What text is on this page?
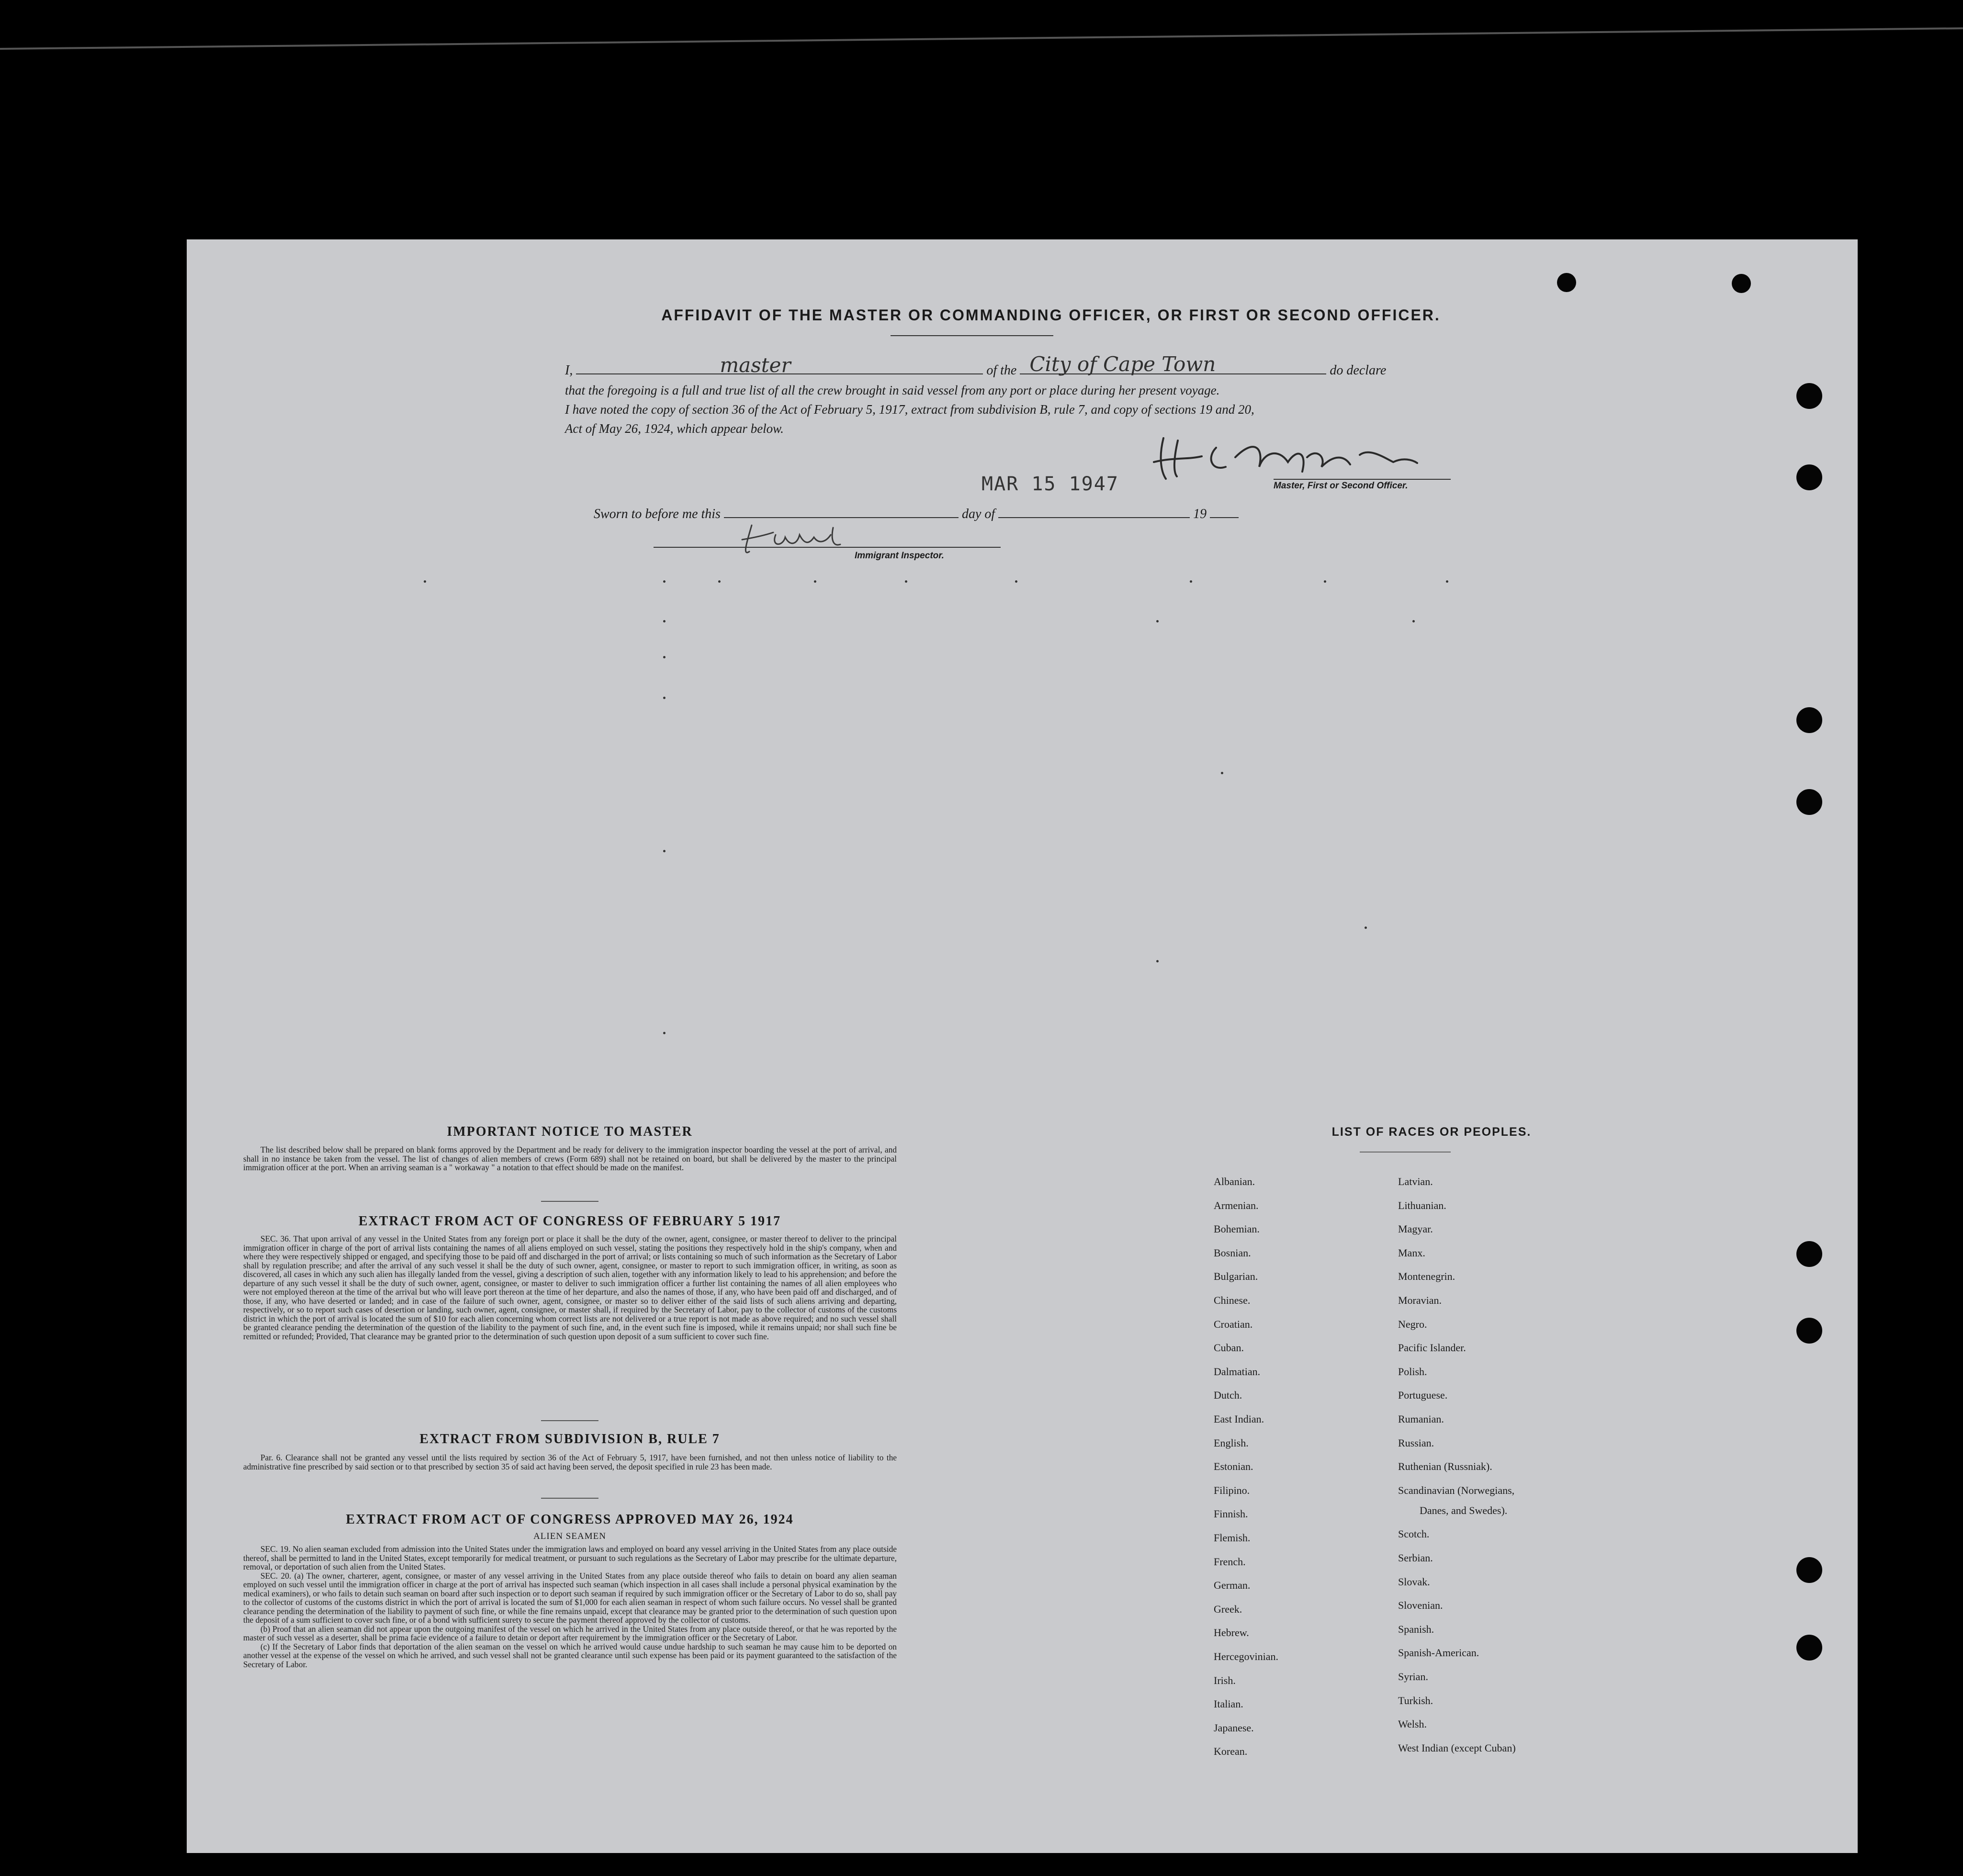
AFFIDAVIT OF THE MASTER OR COMMANDING OFFICER, OR FIRST OR SECOND OFFICER.
I,	master	of the City of Cape Town	do declare
that the foregoing is a full and true list of all the crew brought in said vessel from any port or place during her present voyage.
I have noted the copy of section 36 of the Act of February 5, 1917, extract from subdivision B, rule 7, and copy of sections 19 and 20,
Act of May 26, 1924, which appear below.
MAR 15 1947	Master, First or Second Officer.
Sworn to before me this	day of	19
Immigrant Inspector.
IMPORTANT NOTICE TO MASTER

The list described below shall be prepared on blank forms approved by the Department and be ready for delivery to the immigration inspector boarding the vessel at the port of arrival, and shall in no instance be taken from the vessel. The list of changes of alien members of crews (Form 689) shall not be retained on board, but shall be delivered by the master to the principal immigration officer at the port. When an arriving seaman is a " workaway " a notation to that effect should be made on the manifest.

EXTRACT FROM ACT OF CONGRESS OF FEBRUARY 5 1917

SEC. 36. That upon arrival of any vessel in the United States from any foreign port or place it shall be the duty of the owner, agent, consignee, or master thereof to deliver to the principal immigration officer in charge of the port of arrival lists containing the names of all aliens employed on such vessel, stating the positions they respectively hold in the ship's company, when and where they were respectively shipped or engaged, and specifying those to be paid off and discharged in the port of arrival; or lists containing so much of such information as the Secretary of Labor shall by regulation prescribe; and after the arrival of any such vessel it shall be the duty of such owner, agent, consignee, or master to report to such immigration officer, in writing, as soon as discovered, all cases in which any such alien has illegally landed from the vessel, giving a description of such alien, together with any information likely to lead to his apprehension; and before the departure of any such vessel it shall be the duty of such owner, agent, consignee, or master to deliver to such immigration officer a further list containing the names of all alien employees who were not employed thereon at the time of the arrival but who will leave port thereon at the time of her departure, and also the names of those, if any, who have been paid off and discharged, and of those, if any, who have deserted or landed; and in case of the failure of such owner, agent, consignee, or master so to deliver either of the said lists of such aliens arriving and departing, respectively, or so to report such cases of desertion or landing, such owner, agent, consignee, or master shall, if required by the Secretary of Labor, pay to the collector of customs of the customs district in which the port of arrival is located the sum of $10 for each alien concerning whom correct lists are not delivered or a true report is not made as above required; and no such vessel shall be granted clearance pending the determination of the question of the liability to the payment of such fine, and, in the event such fine is imposed, while it remains unpaid; nor shall such fine be remitted or refunded; Provided, That clearance may be granted prior to the determination of such question upon deposit of a sum sufficient to cover such fine.

EXTRACT FROM SUBDIVISION B, RULE 7

Par. 6. Clearance shall not be granted any vessel until the lists required by section 36 of the Act of February 5, 1917, have been furnished, and not then unless notice of liability to the administrative fine prescribed by said section or to that prescribed by section 35 of said act having been served, the deposit specified in rule 23 has been made.

EXTRACT FROM ACT OF CONGRESS APPROVED MAY 26, 1924
ALIEN SEAMEN

SEC. 19. No alien seaman excluded from admission into the United States under the immigration laws and employed on board any vessel arriving in the United States from any place outside thereof, shall be permitted to land in the United States, except temporarily for medical treatment, or pursuant to such regulations as the Secretary of Labor may prescribe for the ultimate departure, removal, or deportation of such alien from the United States.

SEC. 20. (a) The owner, charterer, agent, consignee, or master of any vessel arriving in the United States from any place outside thereof who fails to detain on board any alien seaman employed on such vessel until the immigration officer in charge at the port of arrival has inspected such seaman (which inspection in all cases shall include a personal physical examination by the medical examiners), or who fails to detain such seaman on board after such inspection or to deport such seaman if required by such immigration officer or the Secretary of Labor to do so, shall pay to the collector of customs of the customs district in which the port of arrival is located the sum of $1,000 for each alien seaman in respect of whom such failure occurs. No vessel shall be granted clearance pending the determination of the liability to payment of such fine, or while the fine remains unpaid, except that clearance may be granted prior to the determination of such question upon the deposit of a sum sufficient to cover such fine, or of a bond with sufficient surety to secure the payment thereof approved by the collector of customs.

(b) Proof that an alien seaman did not appear upon the outgoing manifest of the vessel on which he arrived in the United States from any place outside thereof, or that he was reported by the master of such vessel as a deserter, shall be prima facie evidence of a failure to detain or deport after requirement by the immigration officer or the Secretary of Labor.

(c) If the Secretary of Labor finds that deportation of the alien seaman on the vessel on which he arrived would cause undue hardship to such seaman he may cause him to be deported on another vessel at the expense of the vessel on which he arrived, and such vessel shall not be granted clearance until such expense has been paid or its payment guaranteed to the satisfaction of the Secretary of Labor.

LIST OF RACES OR PEOPLES.
Albanian.
Armenian.
Bohemian.
Bosnian.
Bulgarian.
Chinese.
Croatian.
Cuban.
Dalmatian.
Dutch.
East Indian.
English.
Estonian.
Filipino.
Finnish.
Flemish.
French.
German.
Greek.
Hebrew.
Hercegovinian.
Irish.
Italian.
Japanese.
Korean.
Latvian.
Lithuanian.
Magyar.
Manx.
Montenegrin.
Moravian.
Negro.
Pacific Islander.
Polish.
Portuguese.
Rumanian.
Russian.
Ruthenian (Russniak).
Scandinavian (Norwegians,
Danes, and Swedes).
Scotch.
Serbian.
Slovak.
Slovenian.
Spanish.
Spanish-American.
Syrian.
Turkish.
Welsh.
West Indian (except Cuban)
